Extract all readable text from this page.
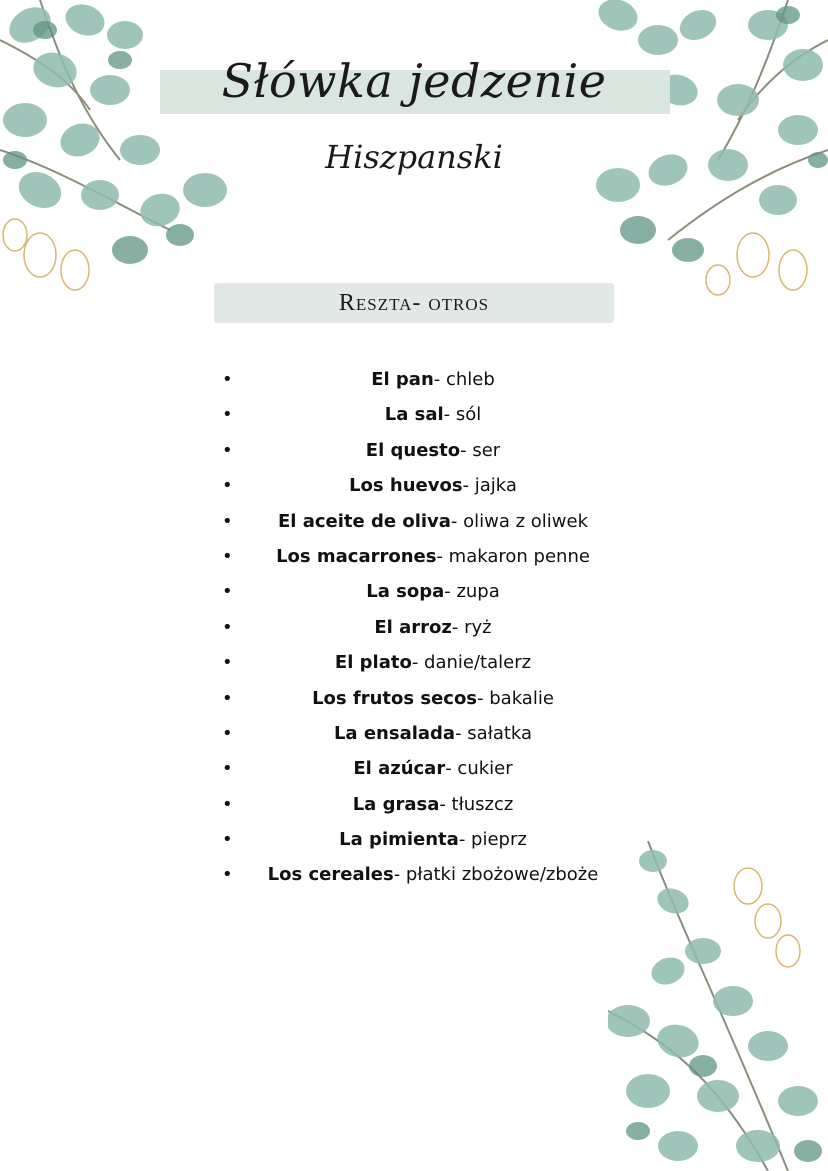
Słówka jedzenie
Hiszpanski
Reszta- otros
•	El pan- chleb
•	La sal- sól
•	El questo- ser
•	Los huevos- jajka
•	El aceite de oliva- oliwa z oliwek
• Los macarrones- makaron penne
•	La sopa- zupa
•	El arroz- ryż
•	El plato- danie/talerz
•	Los frutos secos- bakalie
•	La ensalada- sałatka
•	El azúcar- cukier
•	La grasa- tłuszcz
•	La pimienta- pieprz
• Los cereales- płatki zbożowe/zboże
